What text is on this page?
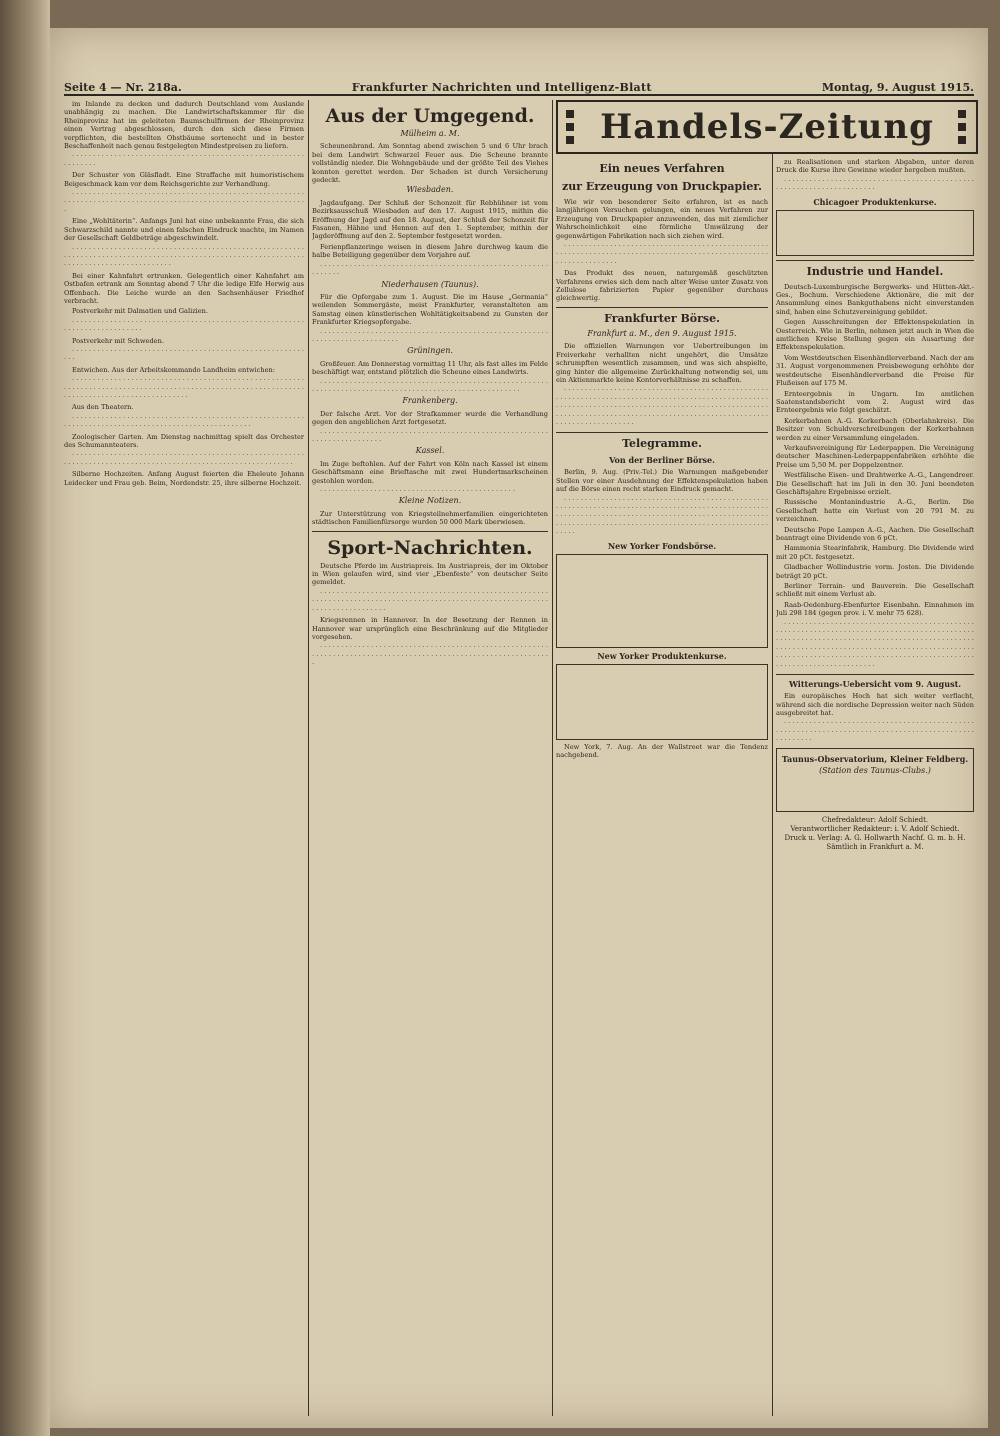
Seite 4 — Nr. 218a.	Frankfurter Nachrichten und Intelligenz-Blatt	Montag, 9. August 1915.

im Inlande zu decken und dadurch Deutschland vom Auslande unabhängig zu machen. Die Landwirtschaftskammer für die Rheinprovinz hat im geleiteten Baumschulfirmen der Rheinprovinz einen Vertrag abgeschlossen, durch den sich diese Firmen verpflichten, die bestellten Obstbäume sortenecht und in bester Beschaffenheit nach genau festgelegten Mindestpreisen zu liefern.

· · · · · · · · · · · · · · · · · · · · · · · · · · · · · · · · · · · · · · · · · · · · · · · · · · · · · · · · · · · · · · ·

Der Schuster von Gläsfladt. Eine Straffache mit humoristischem Beigeschmack kam vor dem Reichsgerichte zur Verhandlung.

· · · · · · · · · · · · · · · · · · · · · · · · · · · · · · · · · · · · · · · · · · · · · · · · · · · · · · · · · · · · · · · · · · · · · · · · · · · · · · · · · · · · · · · · · · · · · · · · · · · · · · · · · · · · · · · · ·

Eine „Wohltäterin“. Anfangs Juni hat eine unbekannte Frau, die sich Schwarzschild nannte und einen falschen Eindruck machte, im Namen der Gesellschaft Geldbeträge abgeschwindelt.

· · · · · · · · · · · · · · · · · · · · · · · · · · · · · · · · · · · · · · · · · · · · · · · · · · · · · · · · · · · · · · · · · · · · · · · · · · · · · · · · · · · · · · · · · · · · · · · · · · · · · · · · · · · · · · · · · · · · · · · · · · · · · · · · · · · · · · · · · ·

Bei einer Kahnfahrt ertrunken. Gelegentlich einer Kahnfahrt am Ostbafen ertrank am Sonntag abend 7 Uhr die ledige Elfe Herwig aus Offenbach. Die Leiche wurde an den Sachsenhäuser Friedhof verbracht.

Postverkehr mit Dalmatien und Galizien.

· · · · · · · · · · · · · · · · · · · · · · · · · · · · · · · · · · · · · · · · · · · · · · · · · · · · · · · · · · · · · · · · · · · · · · · · · ·

Postverkehr mit Schweden.

· · · · · · · · · · · · · · · · · · · · · · · · · · · · · · · · · · · · · · · · · · · · · · · · · · · · · · · · · ·

Entwichen. Aus der Arbeitskommando Landheim entwichen:

· · · · · · · · · · · · · · · · · · · · · · · · · · · · · · · · · · · · · · · · · · · · · · · · · · · · · · · · · · · · · · · · · · · · · · · · · · · · · · · · · · · · · · · · · · · · · · · · · · · · · · · · · · · · · · · · · · · · · · · · · · · · · · · · · · · · · · · · · · · · · ·

Aus den Theatern.

· · · · · · · · · · · · · · · · · · · · · · · · · · · · · · · · · · · · · · · · · · · · · · · · · · · · · · · · · · · · · · · · · · · · · · · · · · · · · · · · · · · · · · · · · · · · · · · · · · · ·

Zoologischer Garten. Am Dienstag nachmittag spielt das Orchester des Schumannteaters.

· · · · · · · · · · · · · · · · · · · · · · · · · · · · · · · · · · · · · · · · · · · · · · · · · · · · · · · · · · · · · · · · · · · · · · · · · · · · · · · · · · · · · · · · · · · · · · · · · · · · · · · · · · · · · ·

Silberne Hochzeiten. Anfang August feierten die Eheleute Johann Leidecker und Frau geb. Beim, Nordendstr. 25, ihre silberne Hochzeit.

Aus der Umgegend.
Mülheim a. M.

Scheunenbrand. Am Sonntag abend zwischen 5 und 6 Uhr brach bei dem Landwirt Schwarzel Feuer aus. Die Scheune brannte vollständig nieder. Die Wohngebäude und der größte Teil des Viehes konnten gerettet werden. Der Schaden ist durch Versicherung gedeckt.

Wiesbaden.

Jagdaufgang. Der Schluß der Schonzeit für Rebhühner ist vom Bezirksausschuß Wiesbaden auf den 17. August 1915, mithin die Eröffnung der Jagd auf den 18. August, der Schluß der Schonzeit für Fasanen, Hähne und Hennen auf den 1. September, mithin der Jagderöffnung auf den 2. September festgesetzt worden.

Ferienpflanzeringe weisen in diesem Jahre durchweg kaum die halbe Beteiligung gegenüber dem Vorjahre auf.

· · · · · · · · · · · · · · · · · · · · · · · · · · · · · · · · · · · · · · · · · · · · · · · · · · · · · · · · · · · · ·

Niederhausen (Taunus).

Für die Opfergabe zum 1. August. Die im Hause „Germania“ weilenden Sommergäste, meist Frankfurter, veranstalteten am Samstag einen künstlerischen Wohltätigkeitsabend zu Gunsten der Frankfurter Kriegsopfergabe.

· · · · · · · · · · · · · · · · · · · · · · · · · · · · · · · · · · · · · · · · · · · · · · · · · · · · · · · · · · · · · · · · · · · · · · · · · · ·

Grüningen.

Großfeuer. Am Donnerstag vormittag 11 Uhr, als fast alles im Felde beschäftigt war, entstand plötzlich die Scheune eines Landwirts.

· · · · · · · · · · · · · · · · · · · · · · · · · · · · · · · · · · · · · · · · · · · · · · · · · · · · · · · · · · · · · · · · · · · · · · · · · · · · · · · · · · · · · · · · · · · · · · · · · · · · · · · ·

Frankenberg.

Der falsche Arzt. Vor der Strafkammer wurde die Verhandlung gegen den angeblichen Arzt fortgesetzt.

· · · · · · · · · · · · · · · · · · · · · · · · · · · · · · · · · · · · · · · · · · · · · · · · · · · · · · · · · · · · · · · · · · · · · · ·

Kassel.

Im Zuge beftohlen. Auf der Fahrt von Köln nach Kassel ist einem Geschäftsmann eine Brieftasche mit zwei Hundertmarkscheinen gestohlen worden.

· · · · · · · · · · · · · · · · · · · · · · · · · · · · · · · · · · · · · · · · · · · · · · ·

Kleine Notizen.

Zur Unterstützung von Kriegsteilnehmerfamilien eingerichteten städtischen Familienfürsorge wurden 50 000 Mark überwiesen.

Sport-Nachrichten.

Deutsche Pferde im Austriapreis. Im Austriapreis, der im Oktober in Wien gelaufen wird, sind vier „Ebenfeste“ von deutscher Seite gemeldet.

· · · · · · · · · · · · · · · · · · · · · · · · · · · · · · · · · · · · · · · · · · · · · · · · · · · · · · · · · · · · · · · · · · · · · · · · · · · · · · · · · · · · · · · · · · · · · · · · · · · · · · · · · · · · · · · · · · · · · · · · · · · · · · · ·

Kriegsrennen in Hannover. In der Besetzung der Rennen in Hannover war ursprünglich eine Beschränkung auf die Mitglieder vorgesehen.

· · · · · · · · · · · · · · · · · · · · · · · · · · · · · · · · · · · · · · · · · · · · · · · · · · · · · · · · · · · · · · · · · · · · · · · · · · · · · · · · · · · · · · · · · · · · · · · · · · · · · · · · · · · · · · ·

Handels-Zeitung
Ein neues Verfahren
zur Erzeugung von Druckpapier.

Wie wir von besonderer Seite erfahren, ist es nach langjährigen Versuchen gelungen, ein neues Verfahren zur Erzeugung von Druckpapier anzuwenden, das mit ziemlicher Wahrscheinlichkeit eine förmliche Umwälzung der gegenwärtigen Fabrikation nach sich ziehen wird.

· · · · · · · · · · · · · · · · · · · · · · · · · · · · · · · · · · · · · · · · · · · · · · · · · · · · · · · · · · · · · · · · · · · · · · · · · · · · · · · · · · · · · · · · · · · · · · · · · · · · · · · · · · · · · · · · · · ·

Das Produkt des neuen, naturgemäß geschützten Verfahrens erwies sich dem nach alter Weise unter Zusatz von Zellulose fabrizierten Papier gegenüber durchaus gleichwertig.

Frankfurter Börse.
Frankfurt a. M., den 9. August 1915.

Die offiziellen Warnungen vor Uebertreibungen im Freiverkehr verhallten nicht ungehört, die Umsätze schrumpften wesentlich zusammen, und was sich abspielte, ging hinter die allgemeine Zurückhaltung notwendig sei, um ein Aktienmarkte keine Kontorverhältnisse zu schaffen.

· · · · · · · · · · · · · · · · · · · · · · · · · · · · · · · · · · · · · · · · · · · · · · · · · · · · · · · · · · · · · · · · · · · · · · · · · · · · · · · · · · · · · · · · · · · · · · · · · · · · · · · · · · · · · · · · · · · · · · · · · · · · · · · · · · · · · · · · · · · · · · · · · · · · · · · · · · · · · · · · · · · · · · · · · · · · · · · · · · · · · · · · · · · · · · · · · · · · · · · · · · · · · · · · · · · · · · · · · · · · ·

Telegramme.
Von der Berliner Börse.

Berlin, 9. Aug. (Priv.-Tel.) Die Warnungen maßgebender Stellen vor einer Ausdehnung der Effektenspekulation haben auf die Börse einen recht starken Eindruck gemacht.

· · · · · · · · · · · · · · · · · · · · · · · · · · · · · · · · · · · · · · · · · · · · · · · · · · · · · · · · · · · · · · · · · · · · · · · · · · · · · · · · · · · · · · · · · · · · · · · · · · · · · · · · · · · · · · · · · · · · · · · · · · · · · · · · · · · · · · · · · · · · · · · · · · · · · · · · · · · · · · · · · · · · · · · · · · · · · · · · · · · · · · · · · · · · · · · · · · · · · · · · · · · · · · ·

New Yorker Fondsbörse.
New Yorker Produktenkurse.

New York, 7. Aug. An der Wallstreet war die Tendenz nachgebend.

zu Realisationen und starken Abgaben, unter deren Druck die Kurse ihre Gewinne wieder hergeben mußten.

· · · · · · · · · · · · · · · · · · · · · · · · · · · · · · · · · · · · · · · · · · · · · · · · · · · · · · · · · · · · · · · · · · · · ·

Chicagoer Produktenkurse.
Industrie und Handel.

Deutsch-Luxemburgische Bergwerks- und Hütten-Akt.-Ges., Bochum. Verschiedene Aktionäre, die mit der Ansammlung eines Bankguthabens nicht einverstanden sind, haben eine Schutzvereinigung gebildet.

Gegen Ausschreitungen der Effektenspekulation in Oesterreich. Wie in Berlin, nehmen jetzt auch in Wien die amtlichen Kreise Stellung gegen ein Ausartung der Effektenspekulation.

Vom Westdeutschen Eisenhändlerverband. Nach der am 31. August vorgenommenen Preisbewegung erhöhte der westdeutsche Eisenhändlerverband die Preise für Flußeisen auf 175 M.

Ernteergebnis in Ungarn. Im amtlichen Saatenstandsbericht vom 2. August wird das Ernteergebnis wie folgt geschätzt.

Korkerbahnen A.-G. Korkerbach (Oberlahnkreis). Die Besitzer von Schuldverschreibungen der Korkerbahnen werden zu einer Versammlung eingeladen.

Verkaufsvereinigung für Lederpappen. Die Vereinigung deutscher Maschinen-Lederpappenfabriken erhöhte die Preise um 5,50 M. per Doppelzentner.

Westfälische Eisen- und Drahtwerke A.-G., Langendreer. Die Gesellschaft hat im Juli in den 30. Juni beendeten Geschäftsjahre Ergebnisse erzielt.

Russische Montanindustrie A.-G., Berlin. Die Gesellschaft hatte ein Verlust von 20 791 M. zu verzeichnen.

Deutsche Pope Lampen A.-G., Aachen. Die Gesellschaft beantragt eine Dividende von 6 pCt.

Hammonia Stearinfabrik, Hamburg. Die Dividende wird mit 20 pCt. festgesetzt.

Gladbacher Wollindustrie vorm. Josten. Die Dividende beträgt 20 pCt.

Berliner Terrain- und Bauverein. Die Gesellschaft schließt mit einem Verlust ab.

Raab-Oedenburg-Ebenfurter Eisenbahn. Einnahmen im Juli 298 184 (gegen prov. i. V. mehr 75 628).

· · · · · · · · · · · · · · · · · · · · · · · · · · · · · · · · · · · · · · · · · · · · · · · · · · · · · · · · · · · · · · · · · · · · · · · · · · · · · · · · · · · · · · · · · · · · · · · · · · · · · · · · · · · · · · · · · · · · · · · · · · · · · · · · · · · · · · · · · · · · · · · · · · · · · · · · · · · · · · · · · · · · · · · · · · · · · · · · · · · · · · · · · · · · · · · · · · · · · · · · · · · · · · · · · · · · · · · · · · · · · · · · · · · · · · · · · · · · · · · · · · · · · · · · · · · · · · · · ·

Witterungs-Uebersicht vom 9. August.

Ein europäisches Hoch hat sich weiter verflacht, während sich die nordische Depression weiter nach Süden ausgebreitet hat.

· · · · · · · · · · · · · · · · · · · · · · · · · · · · · · · · · · · · · · · · · · · · · · · · · · · · · · · · · · · · · · · · · · · · · · · · · · · · · · · · · · · · · · · · · · · · · · · · · · · · ·

Taunus-Observatorium, Kleiner Feldberg.
(Station des Taunus-Clubs.)
Chefredakteur: Adolf Schiedt.
Verantwortlicher Redakteur: i. V. Adolf Schiedt.
Druck u. Verlag: A. G. Hollwarth Nachf. G. m. b. H.
Sämtlich in Frankfurt a. M.
